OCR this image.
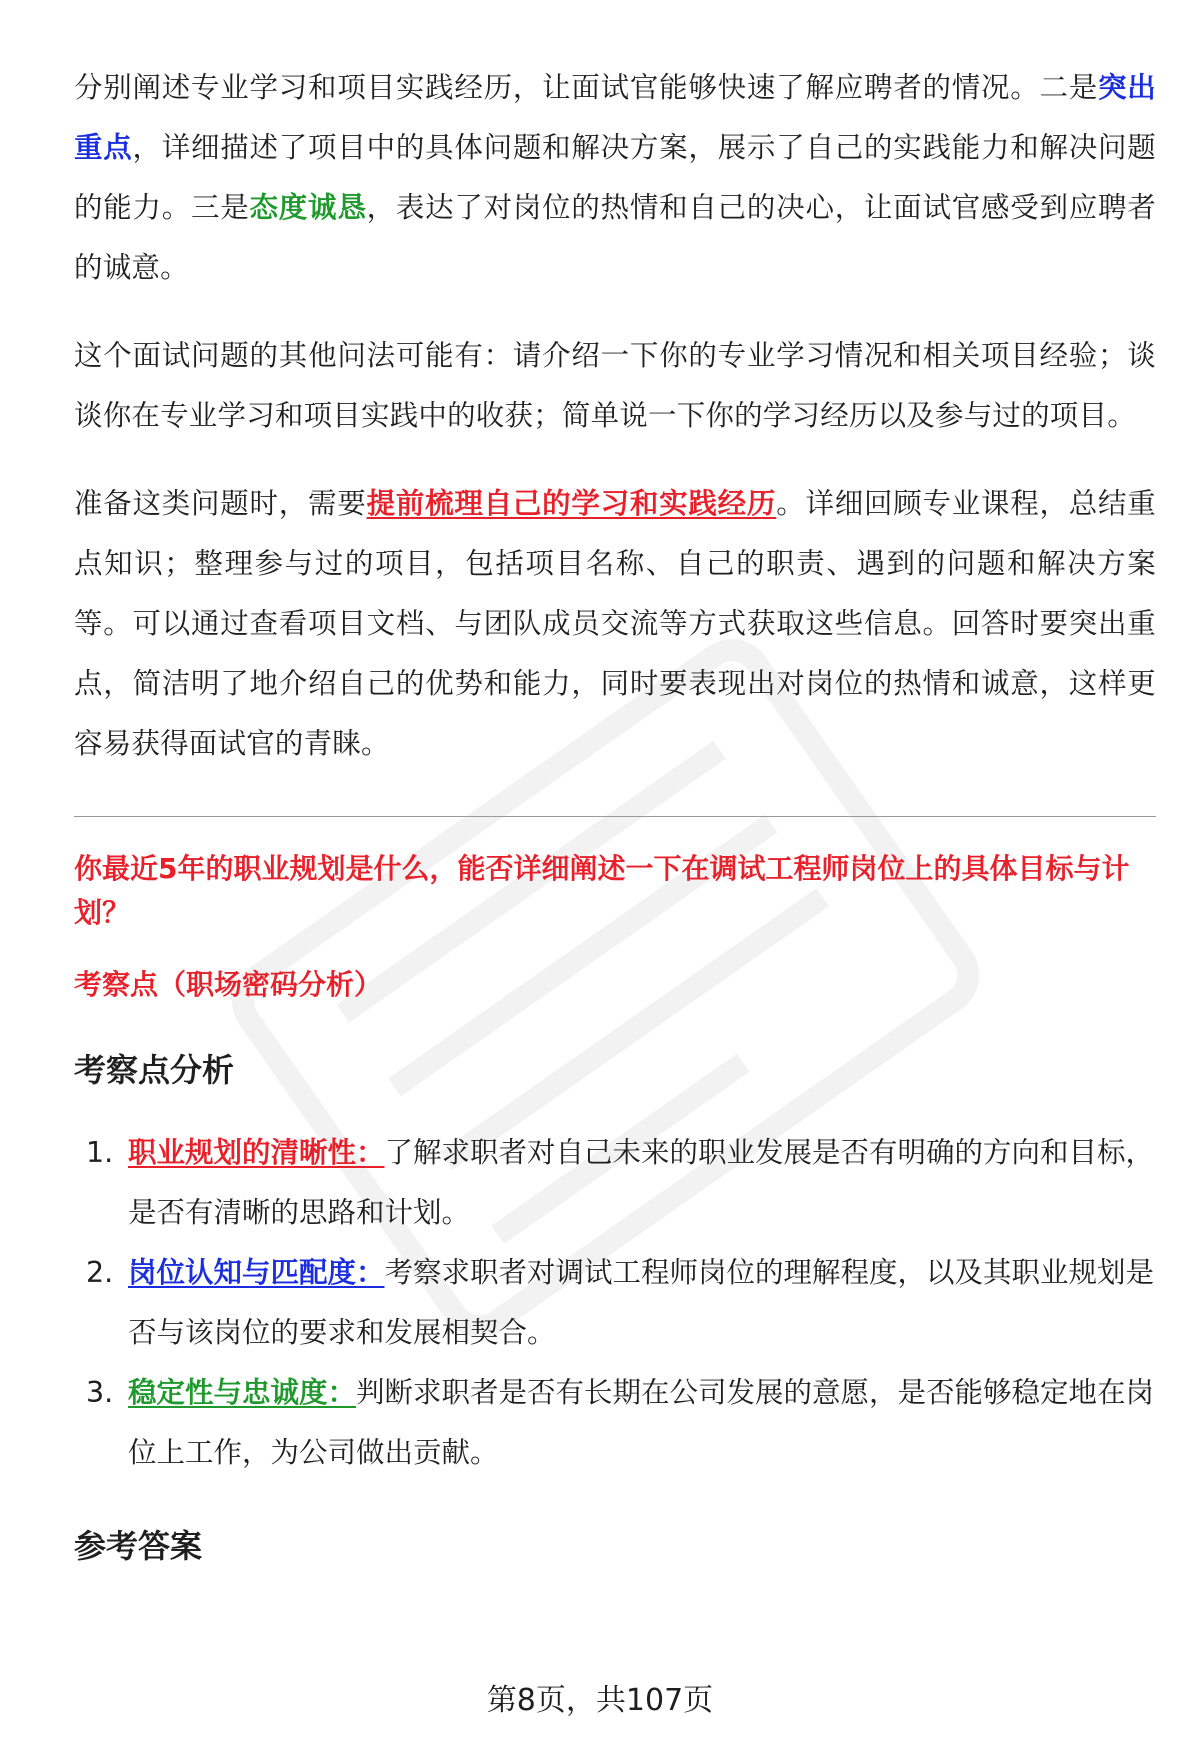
分别阐述专业学习和项目实践经历，让面试官能够快速了解应聘者的情况。二是突出重点，详细描述了项目中的具体问题和解决方案，展示了自己的实践能力和解决问题的能力。三是态度诚恳，表达了对岗位的热情和自己的决心，让面试官感受到应聘者的诚意。

这个面试问题的其他问法可能有：请介绍一下你的专业学习情况和相关项目经验；谈谈你在专业学习和项目实践中的收获；简单说一下你的学习经历以及参与过的项目。

准备这类问题时，需要提前梳理自己的学习和实践经历。详细回顾专业课程，总结重点知识；整理参与过的项目，包括项目名称、自己的职责、遇到的问题和解决方案等。可以通过查看项目文档、与团队成员交流等方式获取这些信息。回答时要突出重点，简洁明了地介绍自己的优势和能力，同时要表现出对岗位的热情和诚意，这样更容易获得面试官的青睐。

你最近5年的职业规划是什么，能否详细阐述一下在调试工程师岗位上的具体目标与计划？

考察点（职场密码分析）

考察点分析
1. 职业规划的清晰性：了解求职者对自己未来的职业发展是否有明确的方向和目标，是否有清晰的思路和计划。
2. 岗位认知与匹配度：考察求职者对调试工程师岗位的理解程度，以及其职业规划是否与该岗位的要求和发展相契合。
3. 稳定性与忠诚度：判断求职者是否有长期在公司发展的意愿，是否能够稳定地在岗位上工作，为公司做出贡献。
参考答案
第8页，共107页
